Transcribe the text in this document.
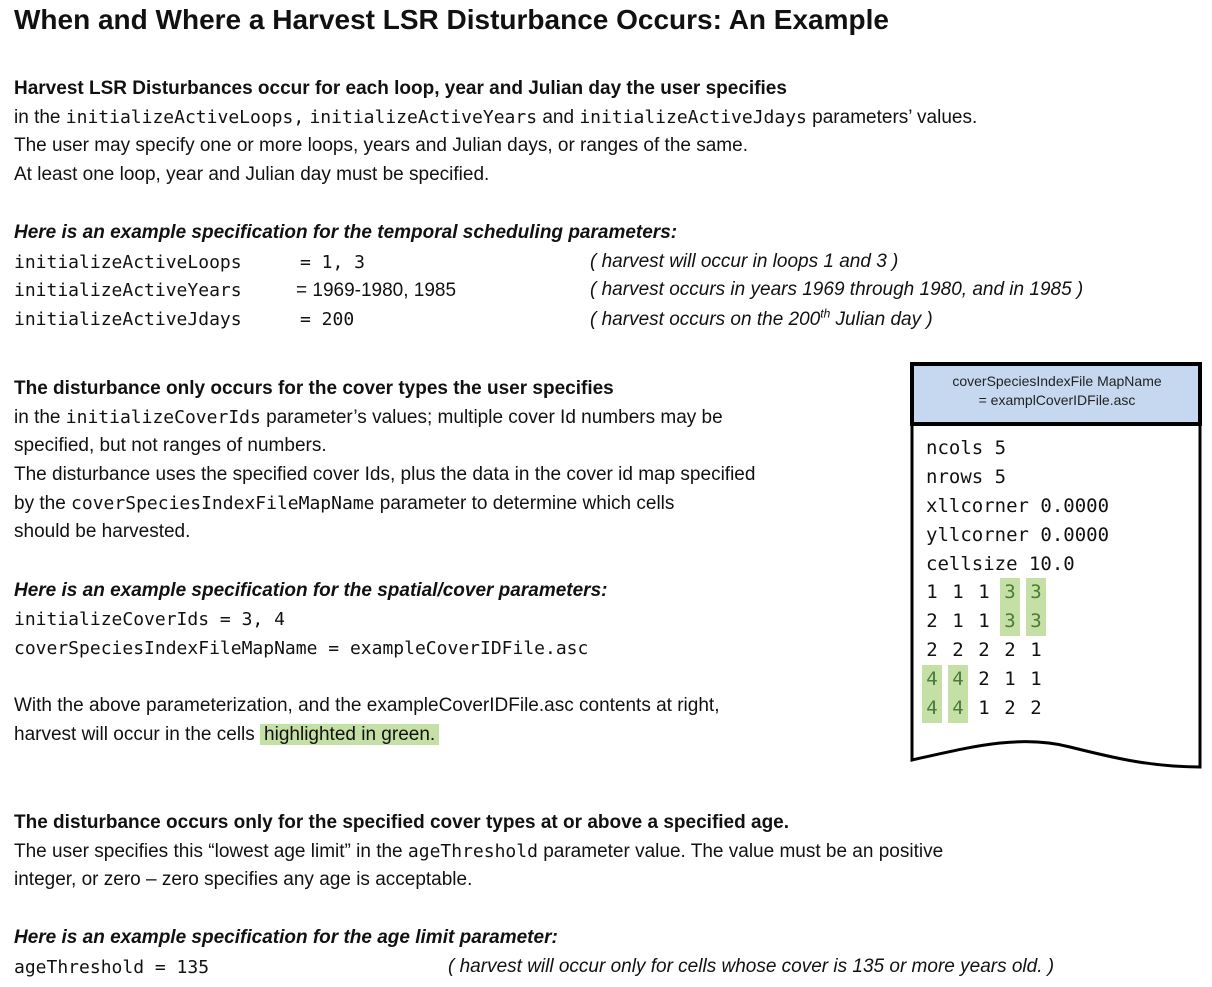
When and Where a Harvest LSR Disturbance Occurs: An Example
Harvest LSR Disturbances occur for each loop, year and Julian day the user specifies
in the initializeActiveLoops, initializeActiveYears and initializeActiveJdays parameters’ values.
The user may specify one or more loops, years and Julian days, or ranges of the same.
At least one loop, year and Julian day must be specified.
Here is an example specification for the temporal scheduling parameters:
initializeActiveLoops	= 1, 3	( harvest will occur in loops 1 and 3 )
initializeActiveYears	= 1969-1980, 1985	( harvest occurs in years 1969 through 1980, and in 1985 )
initializeActiveJdays	= 200	( harvest occurs on the 200th Julian day )
The disturbance only occurs for the cover types the user specifies
in the initializeCoverIds parameter’s values; multiple cover Id numbers may be
specified, but not ranges of numbers.
The disturbance uses the specified cover Ids, plus the data in the cover id map specified
by the coverSpeciesIndexFileMapName parameter to determine which cells
should be harvested.
Here is an example specification for the spatial/cover parameters:
initializeCoverIds = 3, 4
coverSpeciesIndexFileMapName = exampleCoverIDFile.asc
With the above parameterization, and the exampleCoverIDFile.asc contents at right,
harvest will occur in the cells highlighted in green.
coverSpeciesIndexFile MapName
= examplCoverIDFile.asc
ncols 5
nrows 5
xllcorner 0.0000
yllcorner 0.0000
cellsize 10.0
1 1 1 3 3
2 1 1 3 3
2 2 2 2 1
4 4 2 1 1
4 4 1 2 2
The disturbance occurs only for the specified cover types at or above a specified age.
The user specifies this “lowest age limit” in the ageThreshold parameter value. The value must be an positive
integer, or zero – zero specifies any age is acceptable.
Here is an example specification for the age limit parameter:
ageThreshold = 135	( harvest will occur only for cells whose cover is 135 or more years old. )
